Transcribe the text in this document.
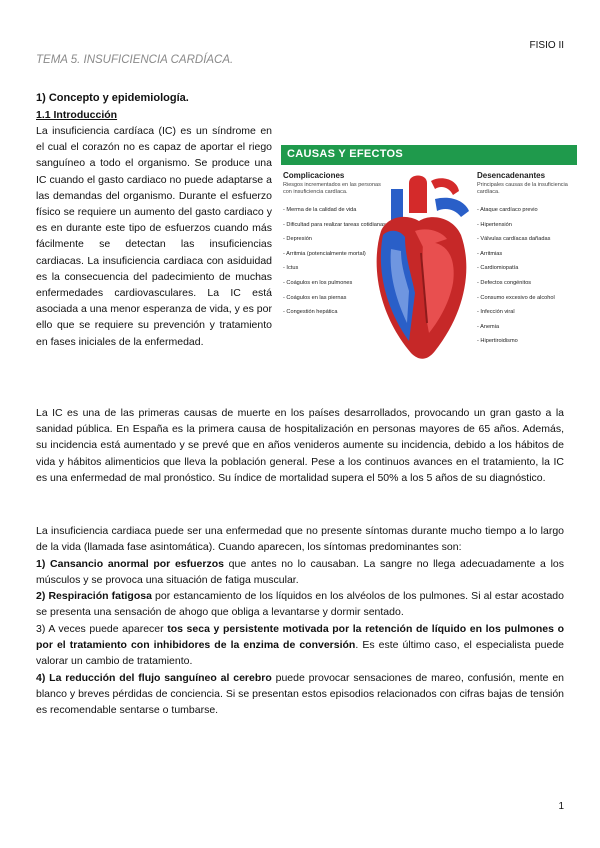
FISIO II
TEMA 5. INSUFICIENCIA CARDÍACA.
1) Concepto y epidemiología.
1.1 Introducción
La insuficiencia cardíaca (IC) es un síndrome en el cual el corazón no es capaz de aportar el riego sanguíneo a todo el organismo. Se produce una IC cuando el gasto cardiaco no puede adaptarse a las demandas del organismo. Durante el esfuerzo físico se requiere un aumento del gasto cardiaco y es en durante este tipo de esfuerzos cuando más fácilmente se detectan las insuficiencias cardiacas. La insuficiencia cardiaca con asiduidad es la consecuencia del padecimiento de muchas enfermedades cardiovasculares. La IC está asociada a una menor esperanza de vida, y es por ello que se requiere su prevención y tratamiento en fases iniciales de la enfermedad.
CAUSAS Y EFECTOS
Complicaciones
Riesgos incrementados en las personas con insuficiencia cardíaca.
- Merma de la calidad de vida
- Dificultad para realizar tareas cotidianas
- Depresión
- Arritmia (potencialmente mortal)
- Ictus
- Coágulos en los pulmones
- Coágulos en las piernas
- Congestión hepática
Desencadenantes
Principales causas de la insuficiencia cardíaca.
- Ataque cardíaco previo
- Hipertensión
- Válvulas cardíacas dañadas
- Arritmias
- Cardiomiopatía
- Defectos congénitos
- Consumo excesivo de alcohol
- Infección viral
- Anemia
- Hipertiroidismo
La IC es una de las primeras causas de muerte en los países desarrollados, provocando un gran gasto a la sanidad pública. En España es la primera causa de hospitalización en personas mayores de 65 años. Además, su incidencia está aumentado y se prevé que en años venideros aumente su incidencia, debido a los hábitos de vida y hábitos alimenticios que lleva la población general. Pese a los continuos avances en el tratamiento, la IC es una enfermedad de mal pronóstico. Su índice de mortalidad supera el 50% a los 5 años de su diagnóstico.
La insuficiencia cardiaca puede ser una enfermedad que no presente síntomas durante mucho tiempo a lo largo de la vida (llamada fase asintomática). Cuando aparecen, los síntomas predominantes son:
1) Cansancio anormal por esfuerzos que antes no lo causaban. La sangre no llega adecuadamente a los músculos y se provoca una situación de fatiga muscular.
2) Respiración fatigosa por estancamiento de los líquidos en los alvéolos de los pulmones. Si al estar acostado se presenta una sensación de ahogo que obliga a levantarse y dormir sentado.
3) A veces puede aparecer tos seca y persistente motivada por la retención de líquido en los pulmones o por el tratamiento con inhibidores de la enzima de conversión. Es este último caso, el especialista puede valorar un cambio de tratamiento.
4) La reducción del flujo sanguíneo al cerebro puede provocar sensaciones de mareo, confusión, mente en blanco y breves pérdidas de conciencia. Si se presentan estos episodios relacionados con cifras bajas de tensión es recomendable sentarse o tumbarse.
1
